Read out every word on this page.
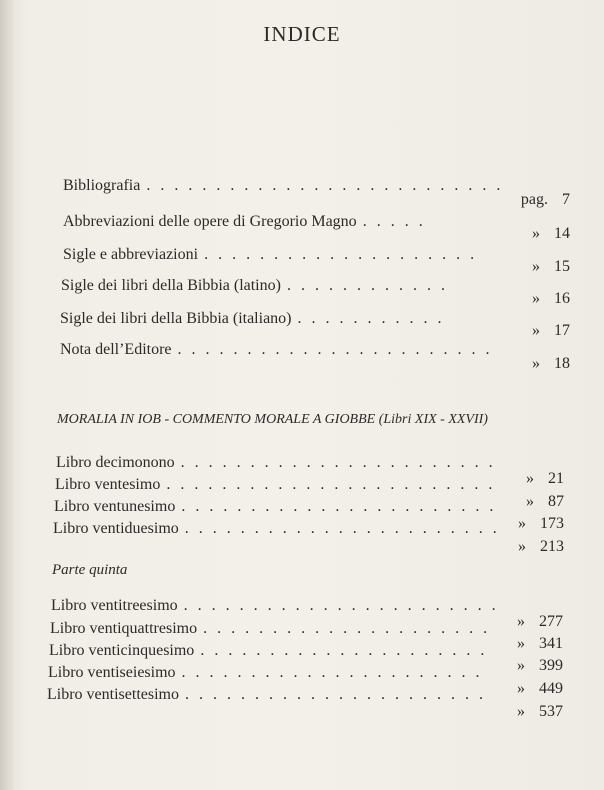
INDICE
Bibliografia . . . . . . . . . . . . . . . . . . . . . . . . . .
pag. 7
Abbreviazioni delle opere di Gregorio Magno . . . . .
» 14
Sigle e abbreviazioni . . . . . . . . . . . . . . . . . . . .
» 15
Sigle dei libri della Bibbia (latino) . . . . . . . . . . . .
» 16
Sigle dei libri della Bibbia (italiano) . . . . . . . . . . .
» 17
Nota dell’Editore . . . . . . . . . . . . . . . . . . . . . . .
» 18
MORALIA IN IOB - COMMENTO MORALE A GIOBBE (Libri XIX - XXVII)
Libro decimonono . . . . . . . . . . . . . . . . . . . . . . .
» 21
Libro ventesimo . . . . . . . . . . . . . . . . . . . . . . . .
» 87
Libro ventunesimo . . . . . . . . . . . . . . . . . . . . . . .
» 173
Libro ventiduesimo . . . . . . . . . . . . . . . . . . . . . . .
» 213
Parte quinta
Libro ventitreesimo . . . . . . . . . . . . . . . . . . . . . . .
» 277
Libro ventiquattresimo . . . . . . . . . . . . . . . . . . . . .
» 341
Libro venticinquesimo . . . . . . . . . . . . . . . . . . . . .
» 399
Libro ventiseiesimo . . . . . . . . . . . . . . . . . . . . . .
» 449
Libro ventisettesimo . . . . . . . . . . . . . . . . . . . . . .
» 537
